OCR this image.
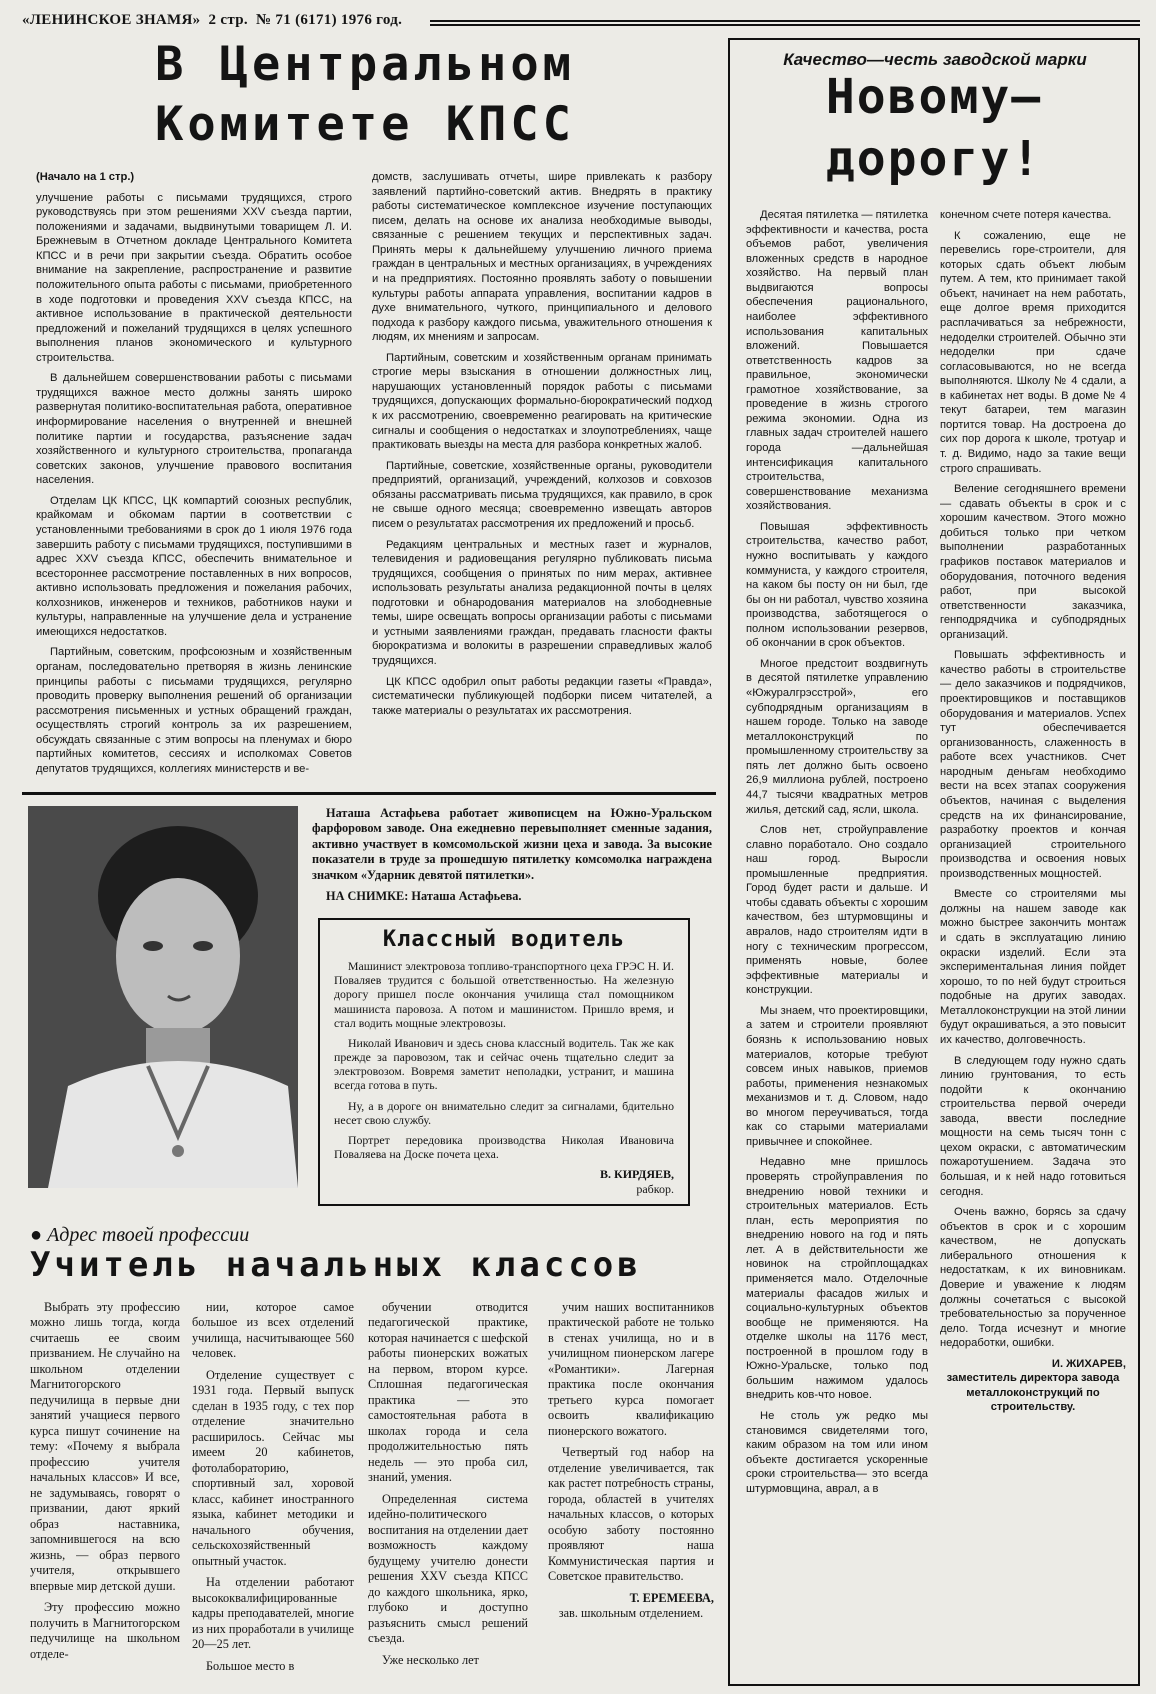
«ЛЕНИНСКОЕ ЗНАМЯ»  2 стр.  № 71 (6171) 1976 год.
В Центральном
Комитете КПСС

(Начало на 1 стр.)

улучшение работы с письмами трудящихся, строго руководствуясь при этом решениями XXV съезда партии, положениями и задачами, выдвинутыми товарищем Л. И. Брежневым в Отчетном докладе Центрального Комитета КПСС и в речи при закрытии съезда. Обратить особое внимание на закрепление, распространение и развитие положительного опыта работы с письмами, приобретенного в ходе подготовки и проведения XXV съезда КПСС, на активное использование в практической деятельности предложений и пожеланий трудящихся в целях успешного выполнения планов экономического и культурного строительства.

В дальнейшем совершенствовании работы с письмами трудящихся важное место должны занять широко развернутая политико-воспитательная работа, оперативное информирование населения о внутренней и внешней политике партии и государства, разъяснение задач хозяйственного и культурного строительства, пропаганда советских законов, улучшение правового воспитания населения.

Отделам ЦК КПСС, ЦК компартий союзных республик, крайкомам и обкомам партии в соответствии с установленными требованиями в срок до 1 июля 1976 года завершить работу с письмами трудящихся, поступившими в адрес XXV съезда КПСС, обеспечить внимательное и всестороннее рассмотрение поставленных в них вопросов, активно использовать предложения и пожелания рабочих, колхозников, инженеров и техников, работников науки и культуры, направленные на улучшение дела и устранение имеющихся недостатков.

Партийным, советским, профсоюзным и хозяйственным органам, последовательно претворяя в жизнь ленинские принципы работы с письмами трудящихся, регулярно проводить проверку выполнения решений об организации рассмотрения письменных и устных обращений граждан, осуществлять строгий контроль за их разрешением, обсуждать связанные с этим вопросы на пленумах и бюро партийных комитетов, сессиях и исполкомах Советов депутатов трудящихся, коллегиях министерств и ве-

домств, заслушивать отчеты, шире привлекать к разбору заявлений партийно-советский актив. Внедрять в практику работы систематическое комплексное изучение поступающих писем, делать на основе их анализа необходимые выводы, связанные с решением текущих и перспективных задач. Принять меры к дальнейшему улучшению личного приема граждан в центральных и местных организациях, в учреждениях и на предприятиях. Постоянно проявлять заботу о повышении культуры работы аппарата управления, воспитании кадров в духе внимательного, чуткого, принципиального и делового подхода к разбору каждого письма, уважительного отношения к людям, их мнениям и запросам.

Партийным, советским и хозяйственным органам принимать строгие меры взыскания в отношении должностных лиц, нарушающих установленный порядок работы с письмами трудящихся, допускающих формально-бюрократический подход к их рассмотрению, своевременно реагировать на критические сигналы и сообщения о недостатках и злоупотреблениях, чаще практиковать выезды на места для разбора конкретных жалоб.

Партийные, советские, хозяйственные органы, руководители предприятий, организаций, учреждений, колхозов и совхозов обязаны рассматривать письма трудящихся, как правило, в срок не свыше одного месяца; своевременно извещать авторов писем о результатах рассмотрения их предложений и просьб.

Редакциям центральных и местных газет и журналов, телевидения и радиовещания регулярно публиковать письма трудящихся, сообщения о принятых по ним мерах, активнее использовать результаты анализа редакционной почты в целях подготовки и обнародования материалов на злободневные темы, шире освещать вопросы организации работы с письмами и устными заявлениями граждан, предавать гласности факты бюрократизма и волокиты в разрешении справедливых жалоб трудящихся.

ЦК КПСС одобрил опыт работы редакции газеты «Правда», систематически публикующей подборки писем читателей, а также материалы о результатах их рассмотрения.

Наташа Астафьева работает живописцем на Южно-Уральском фарфоровом заводе. Она ежедневно перевыполняет сменные задания, активно участвует в комсомольской жизни цеха и завода. За высокие показатели в труде за прошедшую пятилетку комсомолка награждена значком «Ударник девятой пятилетки».

НА СНИМКЕ: Наташа Астафьева.

Классный водитель

Машинист электровоза топливо-транспортного цеха ГРЭС Н. И. Поваляев трудится с большой ответственностью. На железную дорогу пришел после окончания училища стал помощником машиниста паровоза. А потом и машинистом. Пришло время, и стал водить мощные электровозы.

Николай Иванович и здесь снова классный водитель. Так же как прежде за паровозом, так и сейчас очень тщательно следит за электровозом. Вовремя заметит неполадки, устранит, и машина всегда готова в путь.

Ну, а в дороге он внимательно следит за сигналами, бдительно несет свою службу.

Портрет передовика производства Николая Ивановича Поваляева на Доске почета цеха.

В. КИРДЯЕВ,
рабкор.
● Адрес твоей профессии
Учитель начальных классов

Выбрать эту профессию можно лишь тогда, когда считаешь ее своим призванием. Не случайно на школьном отделении Магнитогорского педучилища в первые дни занятий учащиеся первого курса пишут сочинение на тему: «Почему я выбрала профессию учителя начальных классов» И все, не задумываясь, говорят о призвании, дают яркий образ наставника, запомнившегося на всю жизнь, — образ первого учителя, открывшего впервые мир детской души.

Эту профессию можно получить в Магнитогорском педучилище на школьном отделе-

нии, которое самое большое из всех отделений училища, насчитывающее 560 человек.

Отделение существует с 1931 года. Первый выпуск сделан в 1935 году, с тех пор отделение значительно расширилось. Сейчас мы имеем 20 кабинетов, фотолабораторию, спортивный зал, хоровой класс, кабинет иностранного языка, кабинет методики и начального обучения, сельскохозяйственный опытный участок.

На отделении работают высококвалифицированные кадры преподавателей, многие из них проработали в училище 20—25 лет.

Большое место в

обучении отводится педагогической практике, которая начинается с шефской работы пионерских вожатых на первом, втором курсе. Сплошная педагогическая практика — это самостоятельная работа в школах города и села продолжительностью пять недель — это проба сил, знаний, умения.

Определенная система идейно-политического воспитания на отделении дает возможность каждому будущему учителю донести решения XXV съезда КПСС до каждого школьника, ярко, глубоко и доступно разъяснить смысл решений съезда.

Уже несколько лет

учим наших воспитанников практической работе не только в стенах училища, но и в училищном пионерском лагере «Романтики». Лагерная практика после окончания третьего курса помогает освоить квалификацию пионерского вожатого.

Четвертый год набор на отделение увеличивается, так как растет потребность страны, города, областей в учителях начальных классов, о которых особую заботу постоянно проявляют наша Коммунистическая партия и Советское правительство.

Т. ЕРЕМЕЕВА,
зав. школьным отделением.
Качество—честь заводской марки
Новому—
дорогу!

Десятая пятилетка — пятилетка эффективности и качества, роста объемов работ, увеличения вложенных средств в народное хозяйство. На первый план выдвигаются вопросы обеспечения рационального, наиболее эффективного использования капитальных вложений. Повышается ответственность кадров за правильное, экономически грамотное хозяйствование, за проведение в жизнь строгого режима экономии. Одна из главных задач строителей нашего города —дальнейшая интенсификация капитального строительства, совершенствование механизма хозяйствования.

Повышая эффективность строительства, качество работ, нужно воспитывать у каждого коммуниста, у каждого строителя, на каком бы посту он ни был, где бы он ни работал, чувство хозяина производства, заботящегося о полном использовании резервов, об окончании в срок объектов.

Многое предстоит воздвигнуть в десятой пятилетке управлению «Южуралгрэсстрой», его субподрядным организациям в нашем городе. Только на заводе металлоконструкций по промышленному строительству за пять лет должно быть освоено 26,9 миллиона рублей, построено 44,7 тысячи квадратных метров жилья, детский сад, ясли, школа.

Слов нет, стройуправление славно поработало. Оно создало наш город. Выросли промышленные предприятия. Город будет расти и дальше. И чтобы сдавать объекты с хорошим качеством, без штурмовщины и авралов, надо строителям идти в ногу с техническим прогрессом, применять новые, более эффективные материалы и конструкции.

Мы знаем, что проектировщики, а затем и строители проявляют боязнь к использованию новых материалов, которые требуют совсем иных навыков, приемов работы, применения незнакомых механизмов и т. д. Словом, надо во многом переучиваться, тогда как со старыми материалами привычнее и спокойнее.

Недавно мне пришлось проверять стройуправления по внедрению новой техники и строительных материалов. Есть план, есть мероприятия по внедрению нового на год и пять лет. А в действительности же новинок на стройплощадках применяется мало. Отделочные материалы фасадов жилых и социально-культурных объектов вообще не применяются. На отделке школы на 1176 мест, построенной в прошлом году в Южно-Уральске, только под большим нажимом удалось внедрить ков-что новое.

Не столь уж редко мы становимся свидетелями того, каким образом на том или ином объекте достигается ускоренные сроки строительства— это всегда штурмовщина, аврал, а в

конечном счете потеря качества.

К сожалению, еще не перевелись горе-строители, для которых сдать объект любым путем. А тем, кто принимает такой объект, начинает на нем работать, еще долгое время приходится расплачиваться за небрежности, недоделки строителей. Обычно эти недоделки при сдаче согласовываются, но не всегда выполняются. Школу № 4 сдали, а в кабинетах нет воды. В доме № 4 текут батареи, тем магазин портится товар. На достроена до сих пор дорога к школе, тротуар и т. д. Видимо, надо за такие вещи строго спрашивать.

Веление сегодняшнего времени— сдавать объекты в срок и с хорошим качеством. Этого можно добиться только при четком выполнении разработанных графиков поставок материалов и оборудования, поточного ведения работ, при высокой ответственности заказчика, генподрядчика и субподрядных организаций.

Повышать эффективность и качество работы в строительстве — дело заказчиков и подрядчиков, проектировщиков и поставщиков оборудования и материалов. Успех тут обеспечивается организованность, слаженность в работе всех участников. Счет народным деньгам необходимо вести на всех этапах сооружения объектов, начиная с выделения средств на их финансирование, разработку проектов и кончая организацией строительного производства и освоения новых производственных мощностей.

Вместе со строителями мы должны на нашем заводе как можно быстрее закончить монтаж и сдать в эксплуатацию линию окраски изделий. Если эта экспериментальная линия пойдет хорошо, то по ней будут строиться подобные на других заводах. Металлоконструкции на этой линии будут окрашиваться, а это повысит их качество, долговечность.

В следующем году нужно сдать линию грунтования, то есть подойти к окончанию строительства первой очереди завода, ввести последние мощности на семь тысяч тонн с цехом окраски, с автоматическим пожаротушением. Задача это большая, и к ней надо готовиться сегодня.

Очень важно, борясь за сдачу объектов в срок и с хорошим качеством, не допускать либерального отношения к недостаткам, к их виновникам. Доверие и уважение к людям должны сочетаться с высокой требовательностью за порученное дело. Тогда исчезнут и многие недоработки, ошибки.

И. ЖИХАРЕВ,
заместитель директора завода металлоконструкций по строительству.
